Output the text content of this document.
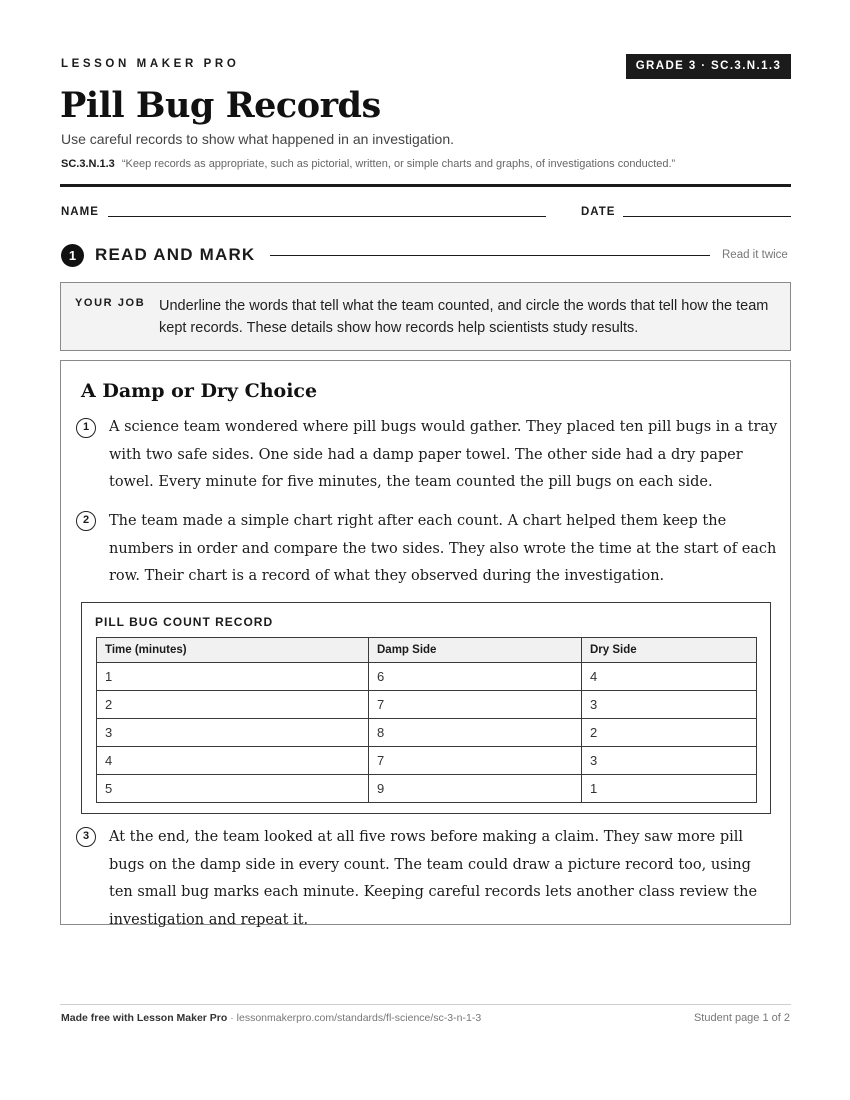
LESSON MAKER PRO	GRADE 3 · SC.3.N.1.3
Pill Bug Records
Use careful records to show what happened in an investigation.
SC.3.N.1.3 “Keep records as appropriate, such as pictorial, written, or simple charts and graphs, of investigations conducted.”
NAME	DATE
1	READ AND MARK	Read it twice
YOUR JOB Underline the words that tell what the team counted, and circle the words that tell how the team kept records. These details show how records help scientists study results.
A Damp or Dry Choice
1	A science team wondered where pill bugs would gather. They placed ten pill bugs in a tray with two safe sides. One side had a damp paper towel. The other side had a dry paper towel. Every minute for five minutes, the team counted the pill bugs on each side.

2	The team made a simple chart right after each count. A chart helped them keep the numbers in order and compare the two sides. They also wrote the time at the start of each row. Their chart is a record of what they observed during the investigation.

PILL BUG COUNT RECORD
Time (minutes)	Damp Side	Dry Side
1	6	4
2	7	3
3	8	2
4	7	3
5	9	1
3	At the end, the team looked at all five rows before making a claim. They saw more pill bugs on the damp side in every count. The team could draw a picture record too, using ten small bug marks each minute. Keeping careful records lets another class review the investigation and repeat it.

Made free with Lesson Maker Pro · lessonmakerpro.com/standards/fl-science/sc-3-n-1-3	Student page 1 of 2
